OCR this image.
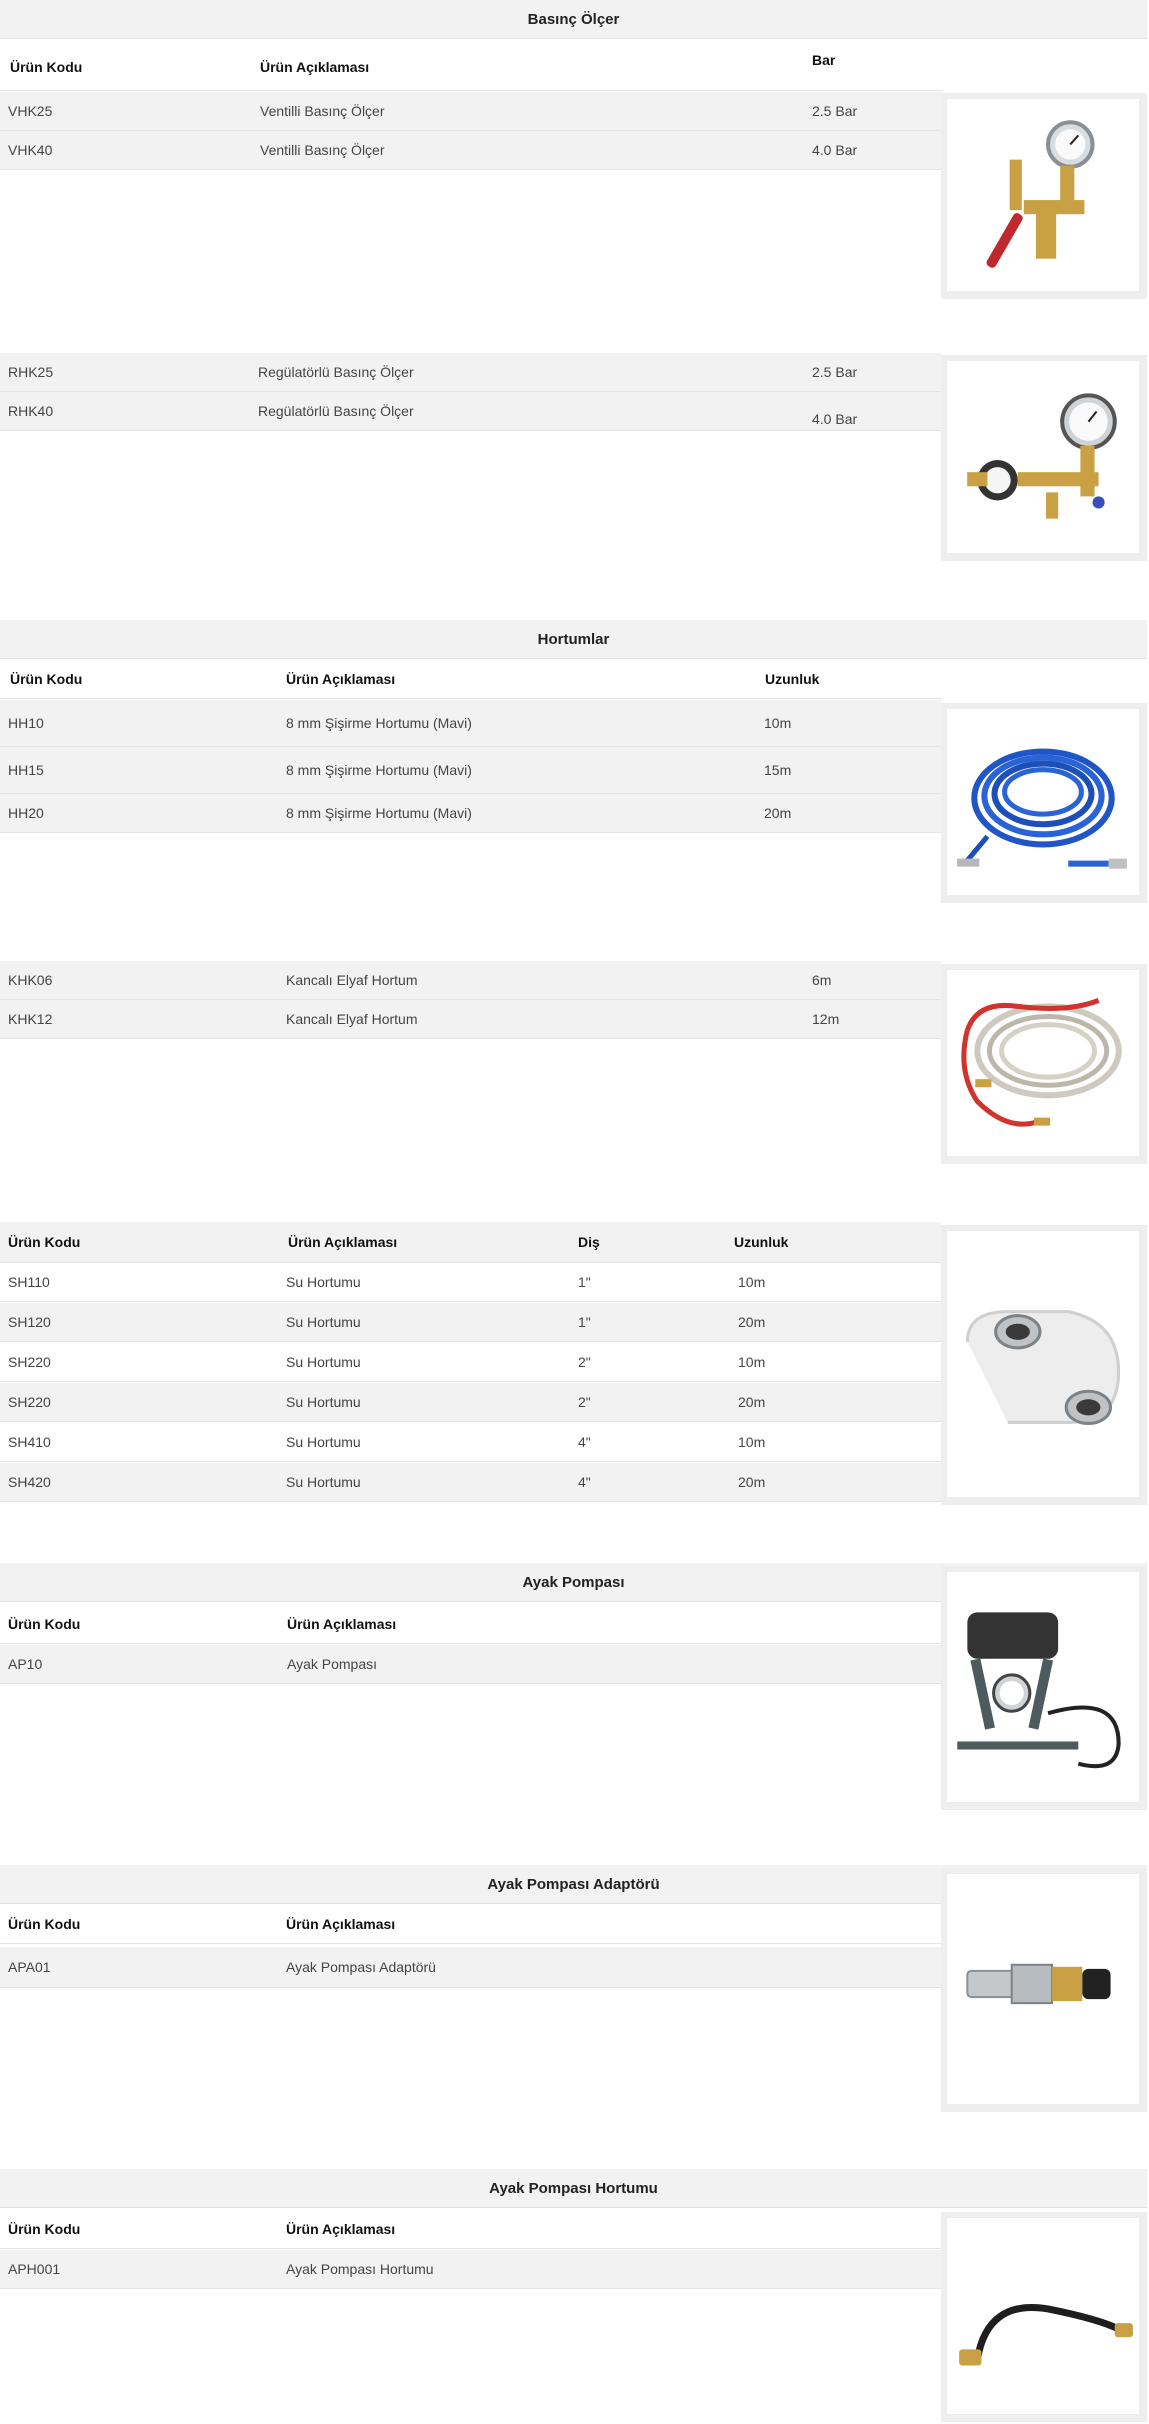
Basınç Ölçer
Ürün Kodu	Ürün Açıklaması	Bar
VHK25	Ventilli Basınç Ölçer	2.5 Bar
VHK40	Ventilli Basınç Ölçer	4.0 Bar
RHK25	Regülatörlü Basınç Ölçer	2.5 Bar
RHK40	Regülatörlü Basınç Ölçer	4.0 Bar
Hortumlar
Ürün Kodu	Ürün Açıklaması	Uzunluk
HH10	8 mm Şişirme Hortumu (Mavi)	10m
HH15	8 mm Şişirme Hortumu (Mavi)	15m
HH20	8 mm Şişirme Hortumu (Mavi)	20m
KHK06	Kancalı Elyaf Hortum	6m
KHK12	Kancalı Elyaf Hortum	12m
Ürün Kodu	Ürün Açıklaması	Diş	Uzunluk
SH110	Su Hortumu	1"	10m
SH120	Su Hortumu	1"	20m
SH220	Su Hortumu	2"	10m
SH220	Su Hortumu	2"	20m
SH410	Su Hortumu	4"	10m
SH420	Su Hortumu	4"	20m
Ayak Pompası
Ürün Kodu	Ürün Açıklaması
AP10	Ayak Pompası
Ayak Pompası Adaptörü
Ürün Kodu	Ürün Açıklaması
APA01	Ayak Pompası Adaptörü
Ayak Pompası Hortumu
Ürün Kodu	Ürün Açıklaması
APH001	Ayak Pompası Hortumu
